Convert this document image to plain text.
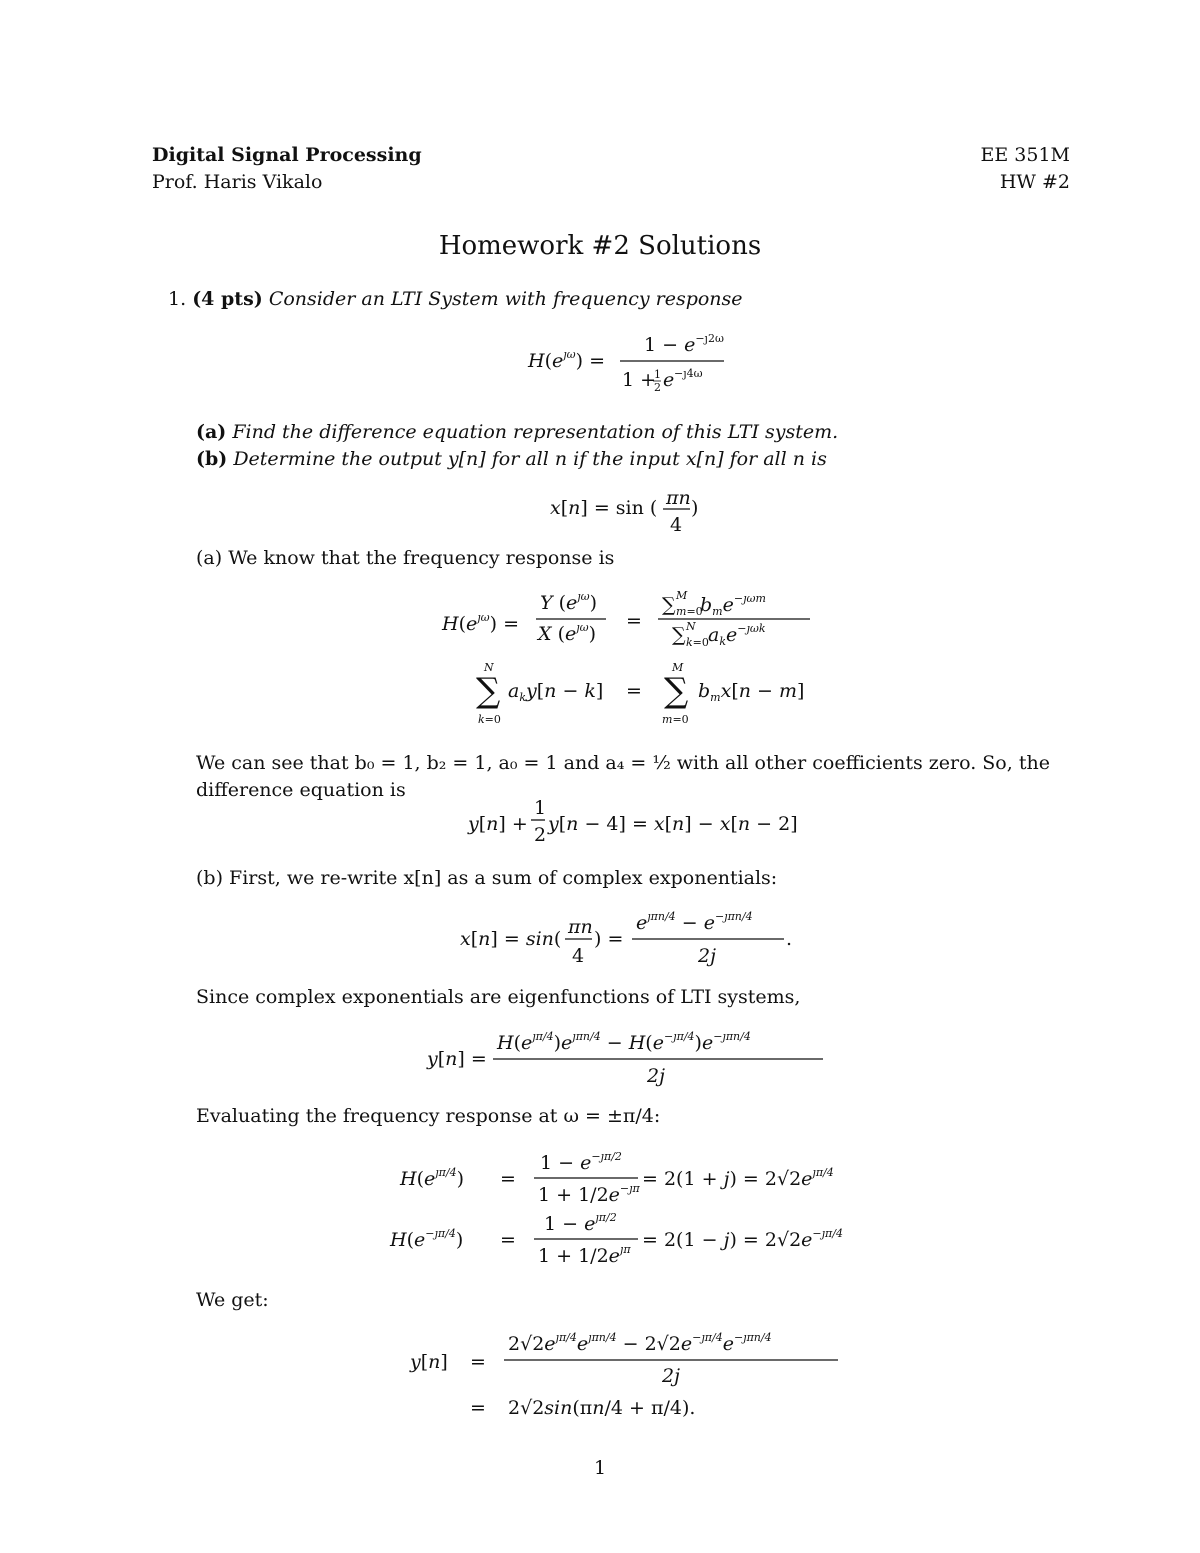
Digital Signal Processing
Prof. Haris Vikalo
EE 351M
HW #2
Homework #2 Solutions
1. (4 pts) Consider an LTI System with frequency response
$H(e^{ȷ\omega})$ =
$1 - e^{-ȷ2\omega}$
1 +
1
2 e −ȷ4ω
(a) Find the difference equation representation of this LTI system.
(b) Determine the output y[n] for all n if the input x[n] for all n is
x[n] = sin ( πn
4
)
(a) We know that the frequency response is
$H(e^{ȷ\omega})$ =
Y $(e^{ȷ\omega})$
X $(e^{ȷ\omega})$
=
∑ M
m=0
$b_me^{-ȷ\omega m}$
∑ N
k=0 $a_ke^{-ȷ\omega k}$
N
∑
k=0
$a_ky[n - k]$ =
M
∑
m=0
$b_mx[n - m]$
We can see that b₀ = 1, b₂ = 1, a₀ = 1 and a₄ = ½ with all other coefficients zero. So, the
difference equation is
y[n] +
1
2 y[n − 4] = x[n] − x[n − 2]
(b) First, we re-write x[n] as a sum of complex exponentials:
x[n] = sin(
πn
4
) =
$e^{ȷ\pi n/4} - e^{-ȷ\pi n/4}$
2j
.
Since complex exponentials are eigenfunctions of LTI systems,
y[n] =
$H(e^{ȷ\pi/4})e^{ȷ\pi n/4} - H(e^{-ȷ\pi/4})e^{-ȷ\pi n/4}$
2j
Evaluating the frequency response at ω = ±π/4:
$H(e^{ȷ\pi/4})$ =
$1 - e^{-ȷ\pi/2}$
$1 + 1/2e^{-ȷ\pi} = 2(1 + j) = 2√2e^{ȷ\pi/4}$
$H(e^{-ȷ\pi/4})$ =
$1 - e^{ȷ\pi/2}$
$1 + 1/2e^{ȷ\pi} = 2(1 - j) = 2√2e^{-ȷ\pi/4}$
We get:
y[n] =
$2√2e^{ȷ\pi/4}e^{ȷ\pi n/4} - 2√2e^{-ȷ\pi/4}e^{-ȷ\pi n/4}$
2j
= 2√2sin(πn/4 + π/4).
1
